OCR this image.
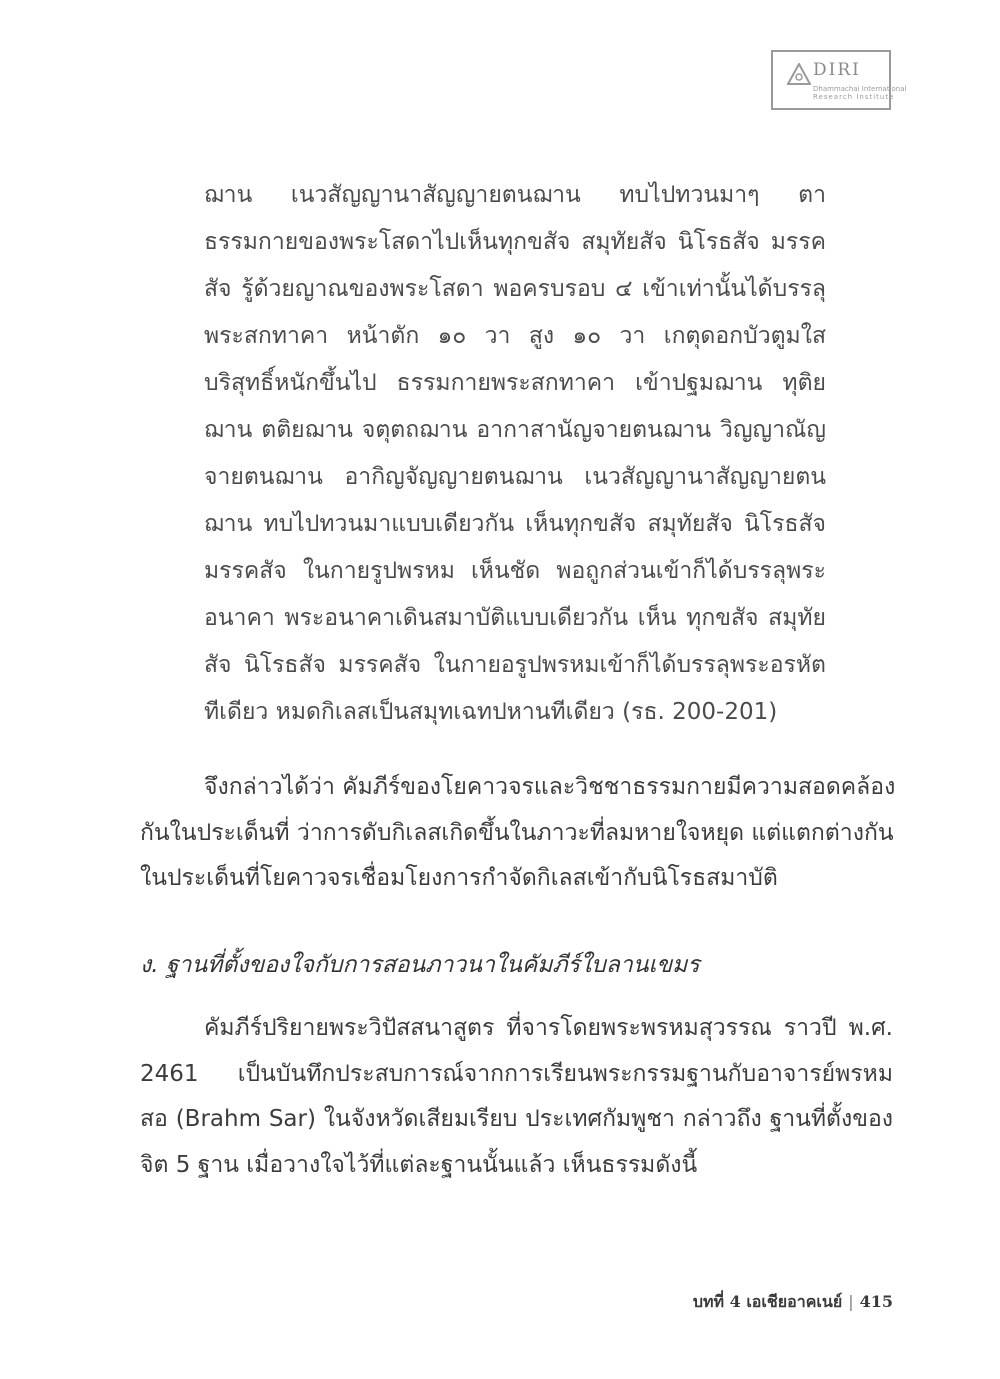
DIRI
Dhammachai International
Research Institute
ฌาน เนวสัญญานาสัญญายตนฌาน ทบไปทวนมาๆ ตา
ธรรมกายของพระโสดาไปเห็นทุกขสัจ สมุทัยสัจ นิโรธสัจ มรรค
สัจ รู้ด้วยญาณของพระโสดา พอครบรอบ ๔ เข้าเท่านั้นได้บรรลุ
พระสกทาคา หน้าตัก ๑๐ วา สูง ๑๐ วา เกตุดอกบัวตูมใส
บริสุทธิ์หนักขึ้นไป ธรรมกายพระสกทาคา เข้าปฐมฌาน ทุติย
ฌาน ตติยฌาน จตุตถฌาน อากาสานัญจายตนฌาน วิญญาณัญ
จายตนฌาน อากิญจัญญายตนฌาน เนวสัญญานาสัญญายตน
ฌาน ทบไปทวนมาแบบเดียวกัน เห็นทุกขสัจ สมุทัยสัจ นิโรธสัจ
มรรคสัจ ในกายรูปพรหม เห็นชัด พอถูกส่วนเข้าก็ได้บรรลุพระ
อนาคา พระอนาคาเดินสมาบัติแบบเดียวกัน เห็น ทุกขสัจ สมุทัย
สัจ นิโรธสัจ มรรคสัจ ในกายอรูปพรหมเข้าก็ได้บรรลุพระอรหัต
ทีเดียว หมดกิเลสเป็นสมุทเฉทปหานทีเดียว (รธ. 200-201)
จึงกล่าวได้ว่า คัมภีร์ของโยคาวจรและวิชชาธรรมกายมีความสอดคล้อง
กันในประเด็นที่ ว่าการดับกิเลสเกิดขึ้นในภาวะที่ลมหายใจหยุด แต่แตกต่างกัน
ในประเด็นที่โยคาวจรเชื่อมโยงการกำจัดกิเลสเข้ากับนิโรธสมาบัติ
ง. ฐานที่ตั้งของใจกับการสอนภาวนาในคัมภีร์ใบลานเขมร
คัมภีร์ปริยายพระวิปัสสนาสูตร ที่จารโดยพระพรหมสุวรรณ ราวปี พ.ศ.
2461 เป็นบันทึกประสบการณ์จากการเรียนพระกรรมฐานกับอาจารย์พรหม
สอ (Brahm Sar) ในจังหวัดเสียมเรียบ ประเทศกัมพูชา กล่าวถึง ฐานที่ตั้งของ
จิต 5 ฐาน เมื่อวางใจไว้ที่แต่ละฐานนั้นแล้ว เห็นธรรมดังนี้
บทที่ 4 เอเชียอาคเนย์ | 415
